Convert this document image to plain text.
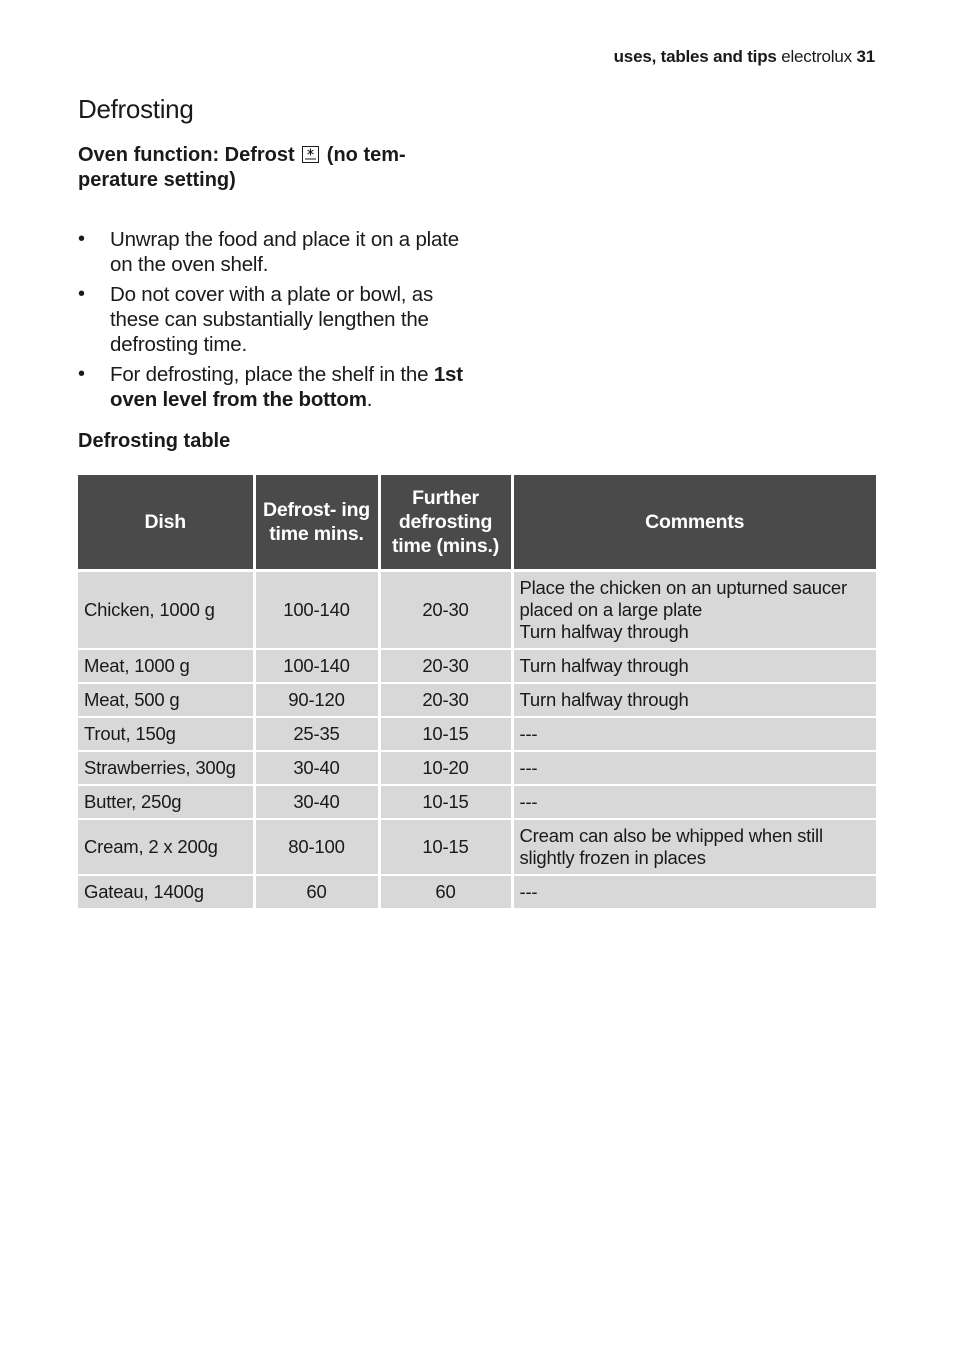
uses, tables and tips electrolux 31
Defrosting
Oven function: Defrost (no tem- perature setting)
• Unwrap the food and place it on a plate on the oven shelf.
• Do not cover with a plate or bowl, as these can substantially lengthen the defrosting time.
• For defrosting, place the shelf in the 1st oven level from the bottom.
Defrosting table
Dish	Defrost- ing time mins.	Further defrosting time (mins.)	Comments
Chicken, 1000 g	100-140	20-30	Place the chicken on an upturned saucer placed on a large plate
Turn halfway through

Meat, 1000 g	100-140	20-30	Turn halfway through
Meat, 500 g	90-120	20-30	Turn halfway through
Trout, 150g	25-35	10-15	---
Strawberries, 300g	30-40	10-20	---
Butter, 250g	30-40	10-15	---
Cream, 2 x 200g	80-100	10-15	Cream can also be whipped when still slightly frozen in places
Gateau, 1400g	60	60	---
